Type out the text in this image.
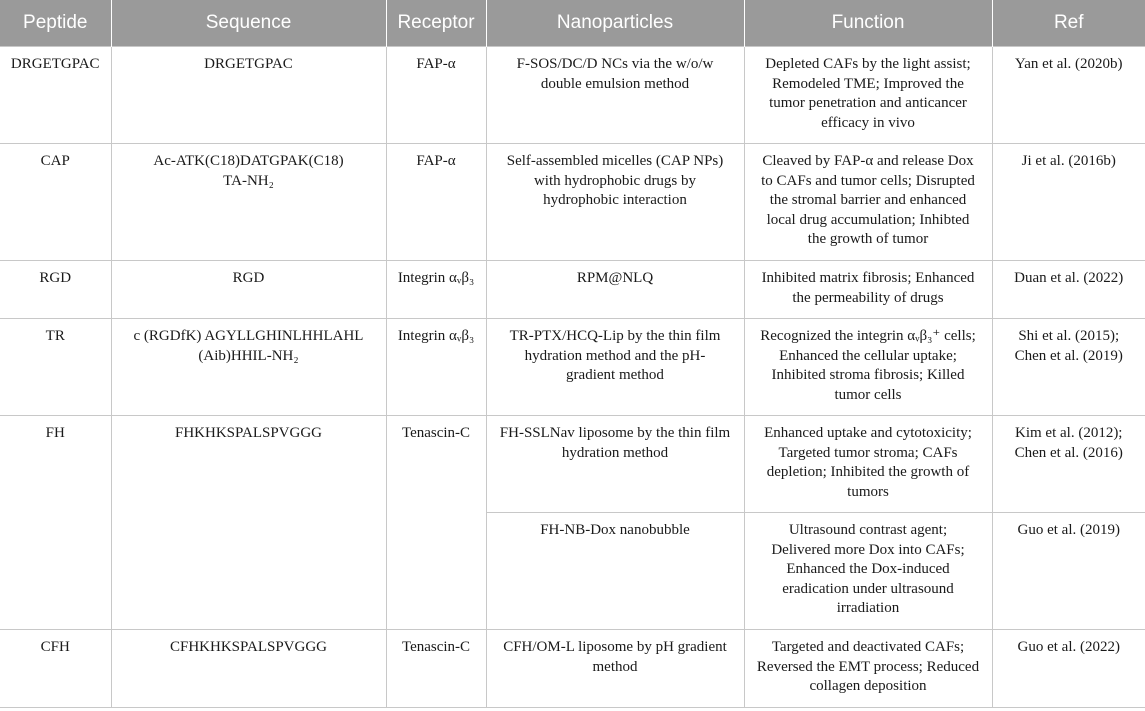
Peptide	Sequence	Receptor	Nanoparticles	Function	Ref
DRGETGPAC	DRGETGPAC	FAP-α	F-SOS/DC/D NCs via the w/o/w
double emulsion method	Depleted CAFs by the light assist;
Remodeled TME; Improved the
tumor penetration and anticancer
efficacy in vivo	Yan et al. (2020b)

CAP	Ac-ATK(C18)DATGPAK(C18)
TA-NH₂	FAP-α	Self-assembled micelles (CAP NPs)
with hydrophobic drugs by
hydrophobic interaction	Cleaved by FAP-α and release Dox
to CAFs and tumor cells; Disrupted
the stromal barrier and enhanced
local drug accumulation; Inhibted
the growth of tumor	Ji et al. (2016b)

RGD	RGD	Integrin αᵥβ₃	RPM@NLQ	Inhibited matrix fibrosis; Enhanced
the permeability of drugs	Duan et al. (2022)

TR	c (RGDfK) AGYLLGHINLHHLAHL
(Aib)HHIL-NH₂	Integrin αᵥβ₃	TR-PTX/HCQ-Lip by the thin film
hydration method and the pH-
gradient method	Recognized the integrin αᵥβ₃⁺ cells;
Enhanced the cellular uptake;
Inhibited stroma fibrosis; Killed
tumor cells	Shi et al. (2015);
Chen et al. (2019)

FH	FHKHKSPALSPVGGG	Tenascin-C	FH-SSLNav liposome by the thin film
hydration method	Enhanced uptake and cytotoxicity;
Targeted tumor stroma; CAFs
depletion; Inhibited the growth of
tumors	Kim et al. (2012);
Chen et al. (2016)

			FH-NB-Dox nanobubble	Ultrasound contrast agent;
Delivered more Dox into CAFs;
Enhanced the Dox-induced
eradication under ultrasound
irradiation	Guo et al. (2019)

CFH	CFHKHKSPALSPVGGG	Tenascin-C	CFH/OM-L liposome by pH gradient
method	Targeted and deactivated CAFs;
Reversed the EMT process; Reduced
collagen deposition	Guo et al. (2022)
